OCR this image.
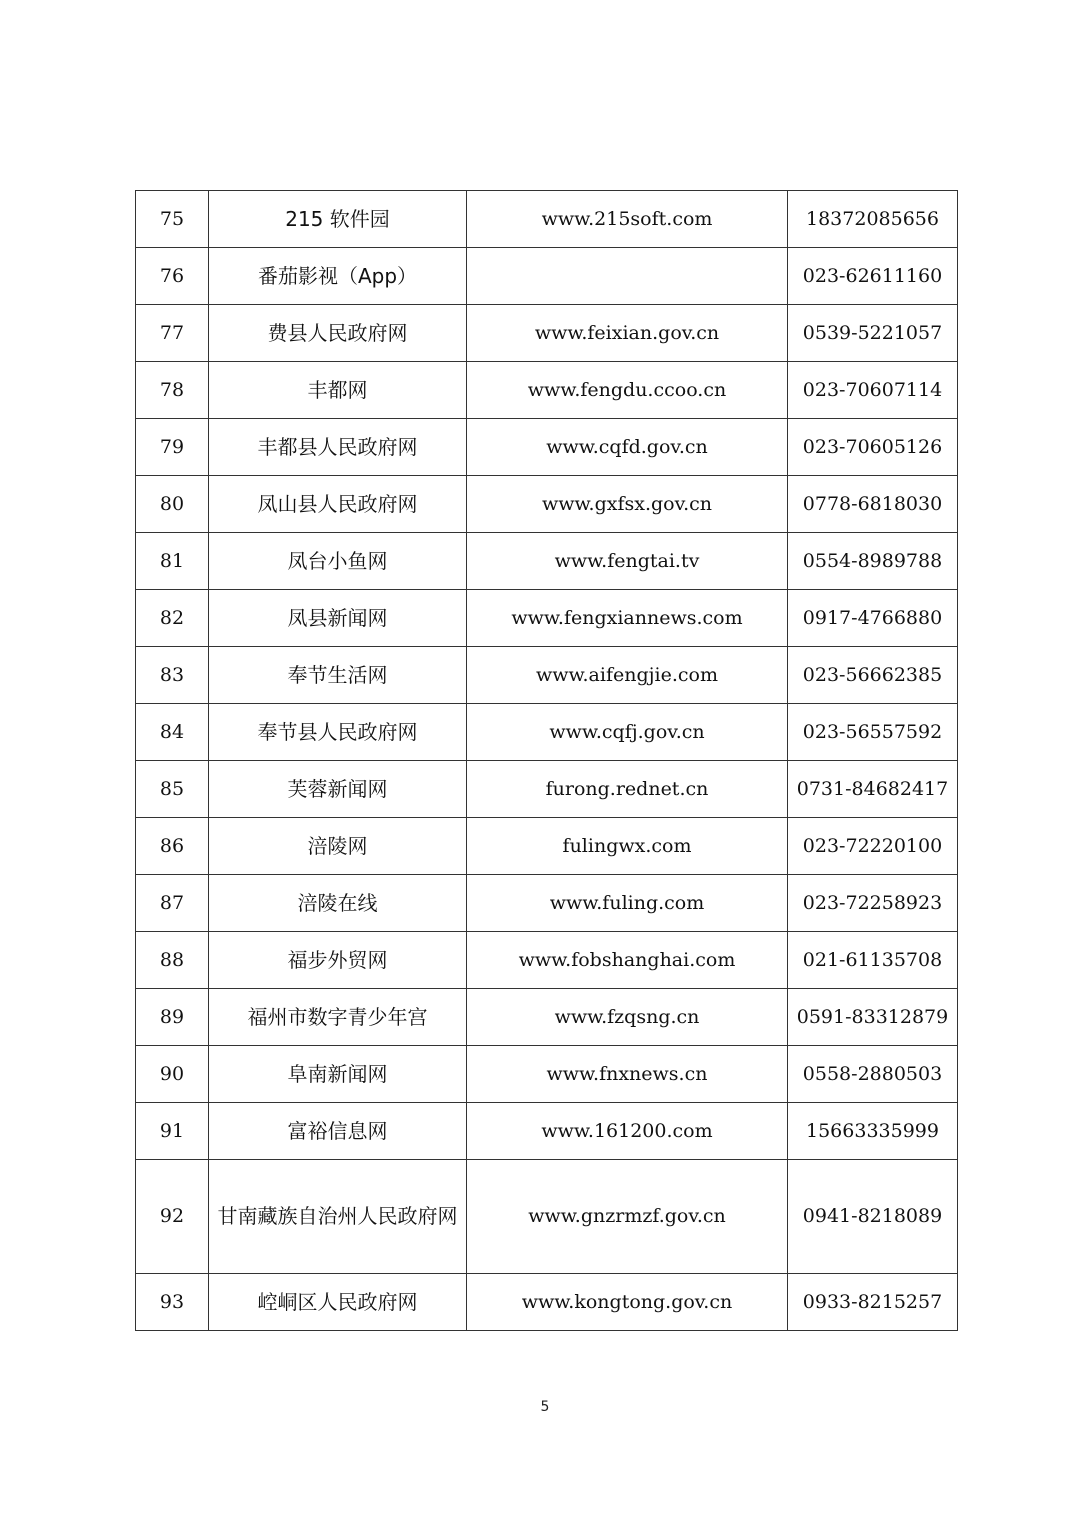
75	215 软件园	www.215soft.com	18372085656
76	番茄影视（App）		023-62611160
77	费县人民政府网	www.feixian.gov.cn	0539-5221057
78	丰都网	www.fengdu.ccoo.cn	023-70607114
79	丰都县人民政府网	www.cqfd.gov.cn	023-70605126
80	凤山县人民政府网	www.gxfsx.gov.cn	0778-6818030
81	凤台小鱼网	www.fengtai.tv	0554-8989788
82	凤县新闻网	www.fengxiannews.com	0917-4766880
83	奉节生活网	www.aifengjie.com	023-56662385
84	奉节县人民政府网	www.cqfj.gov.cn	023-56557592
85	芙蓉新闻网	furong.rednet.cn	0731-84682417
86	涪陵网	fulingwx.com	023-72220100
87	涪陵在线	www.fuling.com	023-72258923
88	福步外贸网	www.fobshanghai.com	021-61135708
89	福州市数字青少年宫	www.fzqsng.cn	0591-83312879
90	阜南新闻网	www.fnxnews.cn	0558-2880503
91	富裕信息网	www.161200.com	15663335999
92	甘南藏族自治州人民政府网	www.gnzrmzf.gov.cn	0941-8218089
93	崆峒区人民政府网	www.kongtong.gov.cn	0933-8215257
5
